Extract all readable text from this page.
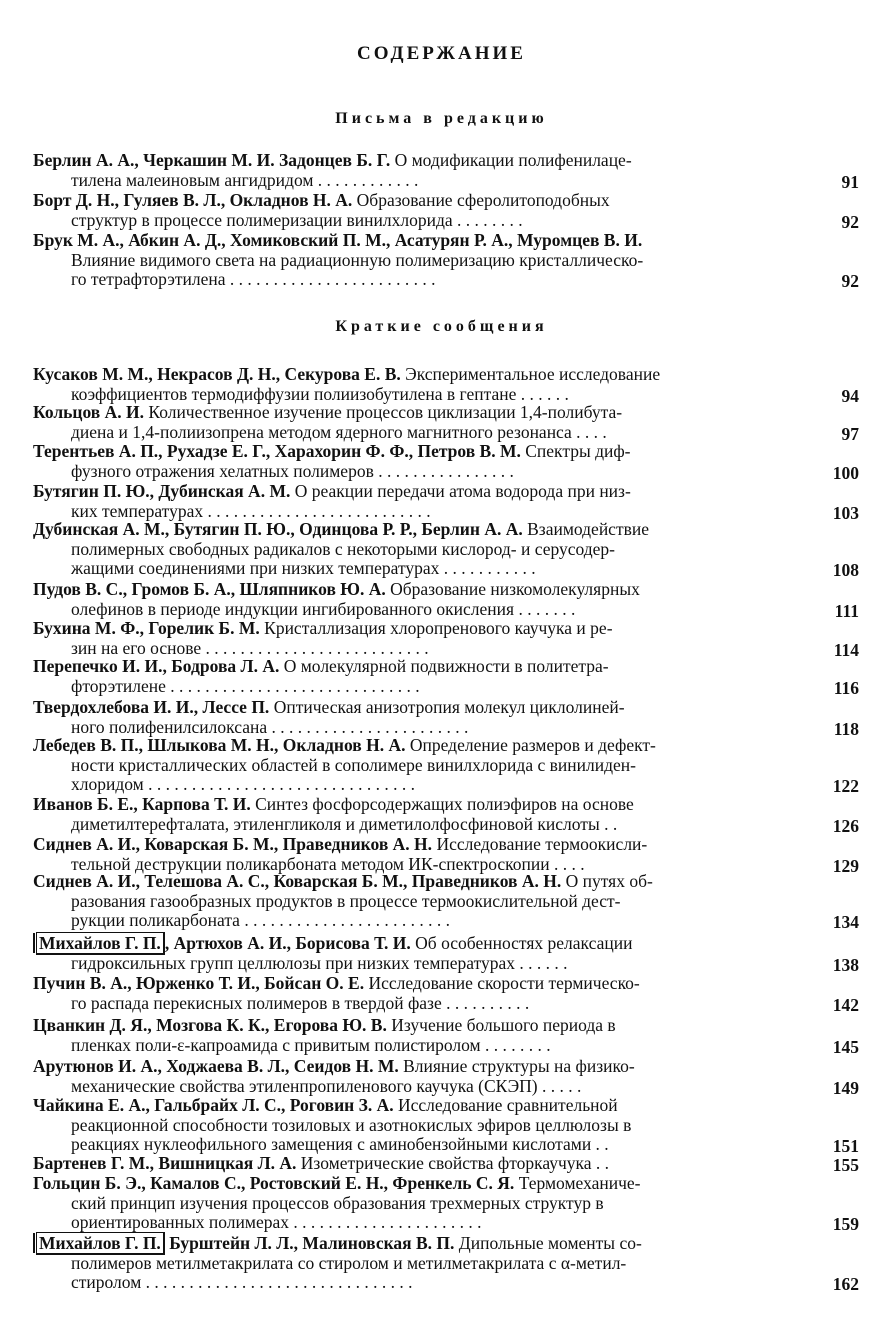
СОДЕРЖАНИЕ
Письма в редакцию
Краткие сообщения
Берлин А. А., Черкашин М. И. Задонцев Б. Г. О модификации полифенилаце-
тилена малеиновым ангидридом . . . . . . . . . . . .	91
Борт Д. Н., Гуляев В. Л., Окладнов Н. А. Образование сферолитоподобных
структур в процессе полимеризации винилхлорида . . . . . . . .	92
Брук М. А., Абкин А. Д., Хомиковский П. М., Асатурян Р. А., Муромцев В. И.
Влияние видимого света на радиационную полимеризацию кристаллическо-
го тетрафторэтилена . . . . . . . . . . . . . . . . . . . . . . . .	92
Кусаков М. М., Некрасов Д. Н., Секурова Е. В. Экспериментальное исследование
коэффициентов термодиффузии полиизобутилена в гептане . . . . . .	94
Кольцов А. И. Количественное изучение процессов циклизации 1,4-полибута-
диена и 1,4-полиизопрена методом ядерного магнитного резонанса . . . .	97
Терентьев А. П., Рухадзе Е. Г., Харахорин Ф. Ф., Петров В. М. Спектры диф-
фузного отражения хелатных полимеров . . . . . . . . . . . . . . . .	100
Бутягин П. Ю., Дубинская А. М. О реакции передачи атома водорода при низ-
ких температурах . . . . . . . . . . . . . . . . . . . . . . . . . .	103
Дубинская А. М., Бутягин П. Ю., Одинцова Р. Р., Берлин А. А. Взаимодействие
полимерных свободных радикалов с некоторыми кислород- и серусодер-
жащими соединениями при низких температурах . . . . . . . . . . .	108
Пудов В. С., Громов Б. А., Шляпников Ю. А. Образование низкомолекулярных
олефинов в периоде индукции ингибированного окисления . . . . . . .	111
Бухина М. Ф., Горелик Б. М. Кристаллизация хлоропренового каучука и ре-
зин на его основе . . . . . . . . . . . . . . . . . . . . . . . . . .	114
Перепечко И. И., Бодрова Л. А. О молекулярной подвижности в политетра-
фторэтилене . . . . . . . . . . . . . . . . . . . . . . . . . . . . .	116
Твердохлебова И. И., Лессе П. Оптическая анизотропия молекул циклолиней-
ного полифенилсилоксана . . . . . . . . . . . . . . . . . . . . . . .	118
Лебедев В. П., Шлыкова М. Н., Окладнов Н. А. Определение размеров и дефект-
ности кристаллических областей в сополимере винилхлорида с винилиден-
хлоридом . . . . . . . . . . . . . . . . . . . . . . . . . . . . . . .	122
Иванов Б. Е., Карпова Т. И. Синтез фосфорсодержащих полиэфиров на основе
диметилтерефталата, этиленгликоля и диметилолфосфиновой кислоты . .	126
Сиднев А. И., Коварская Б. М., Праведников А. Н. Исследование термоокисли-
тельной деструкции поликарбоната методом ИК-спектроскопии . . . .	129
Сиднев А. И., Телешова А. С., Коварская Б. М., Праведников А. Н. О путях об-
разования газообразных продуктов в процессе термоокислительной дест-
рукции поликарбоната . . . . . . . . . . . . . . . . . . . . . . . .	134
Михайлов Г. П. , Артюхов А. И., Борисова Т. И. Об особенностях релаксации
гидроксильных групп целлюлозы при низких температурах . . . . . .	138
Пучин В. А., Юрженко Т. И., Бойсан О. Е. Исследование скорости термическо-
го распада перекисных полимеров в твердой фазе . . . . . . . . . .	142
Цванкин Д. Я., Мозгова К. К., Егорова Ю. В. Изучение большого периода в
пленках поли-ε-капроамида с привитым полистиролом . . . . . . . .	145
Арутюнов И. А., Ходжаева В. Л., Сеидов Н. М. Влияние структуры на физико-
механические свойства этиленпропиленового каучука (СКЭП) . . . . .	149
Чайкина Е. А., Гальбрайх Л. С., Роговин З. А. Исследование сравнительной
реакционной способности тозиловых и азотнокислых эфиров целлюлозы в
реакциях нуклеофильного замещения с аминобензойными кислотами . .	151
Бартенев Г. М., Вишницкая Л. А. Изометрические свойства фторкаучука . .	155
Гольцин Б. Э., Камалов С., Ростовский Е. Н., Френкель С. Я. Термомеханиче-
ский принцип изучения процессов образования трехмерных структур в
ориентированных полимерах . . . . . . . . . . . . . . . . . . . . . .	159
Михайлов Г. П. Бурштейн Л. Л., Малиновская В. П. Дипольные моменты со-
полимеров метилметакрилата со стиролом и метилметакрилата с α-метил-
стиролом . . . . . . . . . . . . . . . . . . . . . . . . . . . . . . .	162
